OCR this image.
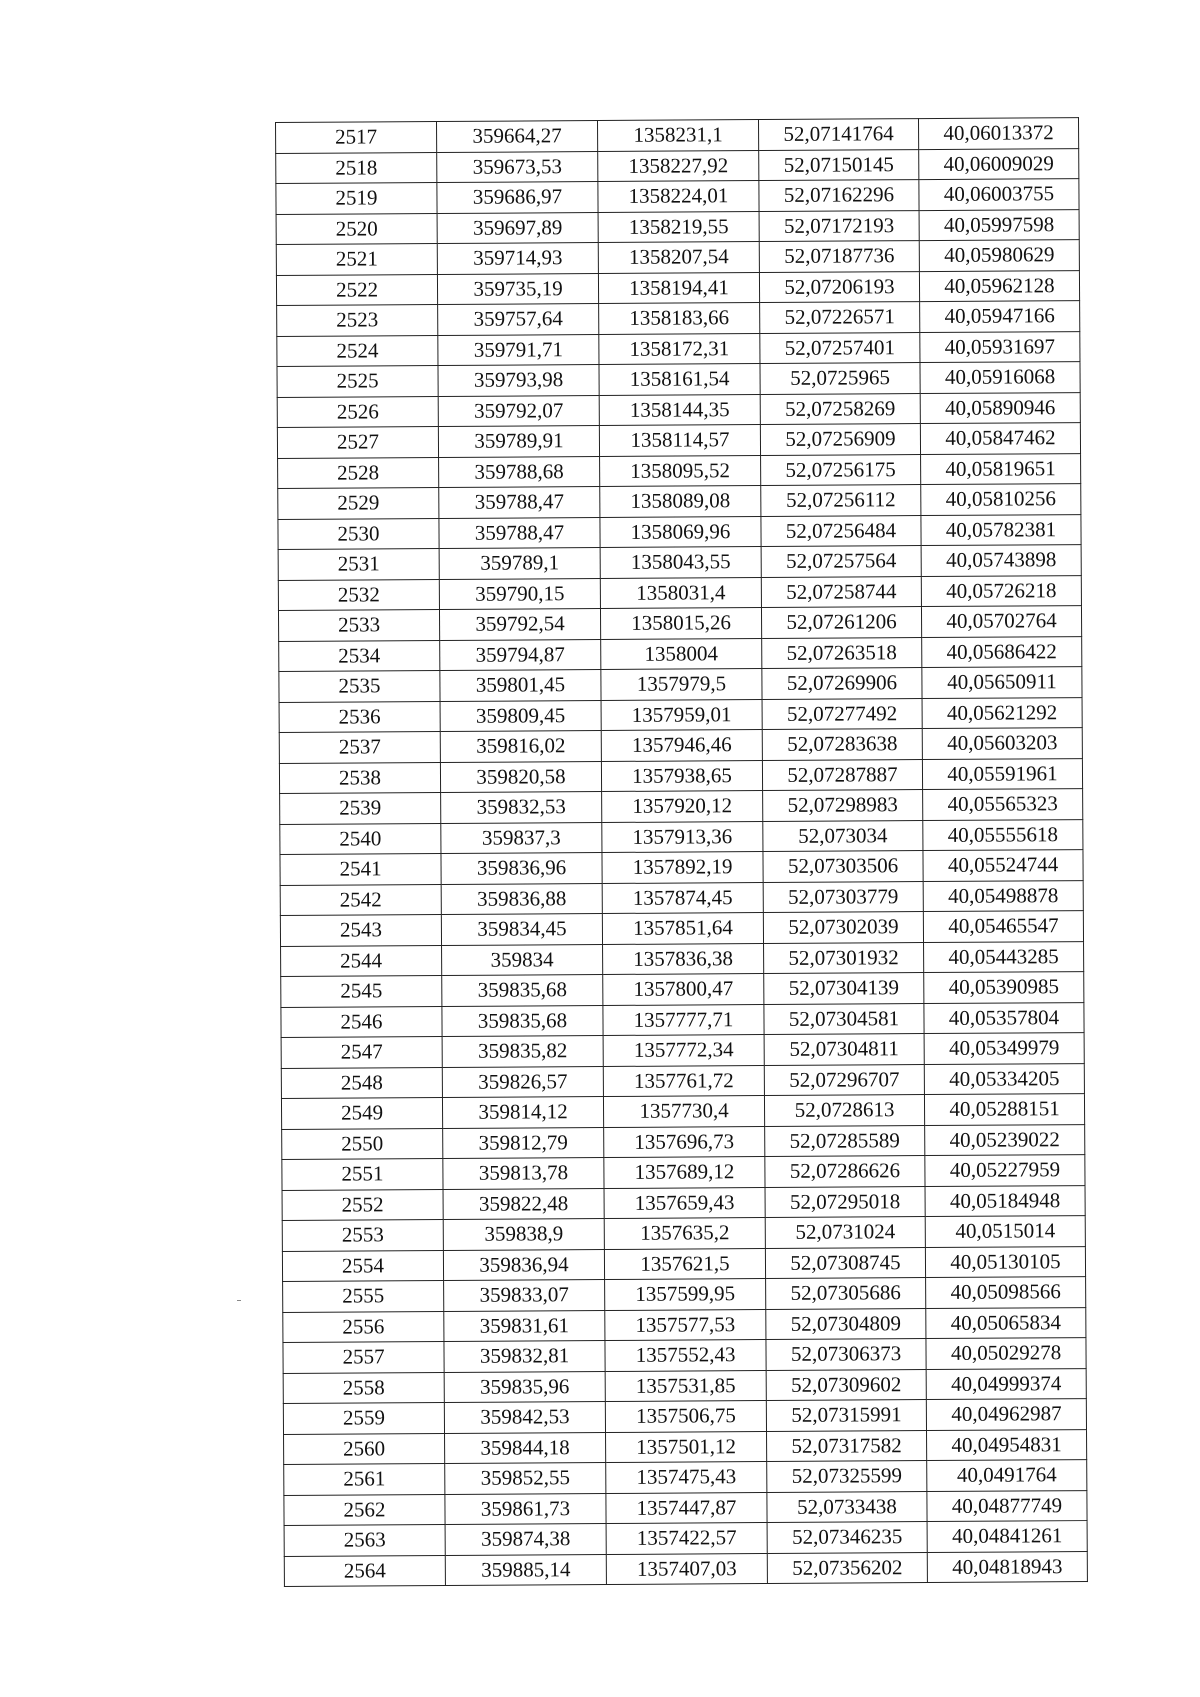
2517	359664,27	1358231,1	52,07141764	40,06013372
2518	359673,53	1358227,92	52,07150145	40,06009029
2519	359686,97	1358224,01	52,07162296	40,06003755
2520	359697,89	1358219,55	52,07172193	40,05997598
2521	359714,93	1358207,54	52,07187736	40,05980629
2522	359735,19	1358194,41	52,07206193	40,05962128
2523	359757,64	1358183,66	52,07226571	40,05947166
2524	359791,71	1358172,31	52,07257401	40,05931697
2525	359793,98	1358161,54	52,0725965	40,05916068
2526	359792,07	1358144,35	52,07258269	40,05890946
2527	359789,91	1358114,57	52,07256909	40,05847462
2528	359788,68	1358095,52	52,07256175	40,05819651
2529	359788,47	1358089,08	52,07256112	40,05810256
2530	359788,47	1358069,96	52,07256484	40,05782381
2531	359789,1	1358043,55	52,07257564	40,05743898
2532	359790,15	1358031,4	52,07258744	40,05726218
2533	359792,54	1358015,26	52,07261206	40,05702764
2534	359794,87	1358004	52,07263518	40,05686422
2535	359801,45	1357979,5	52,07269906	40,05650911
2536	359809,45	1357959,01	52,07277492	40,05621292
2537	359816,02	1357946,46	52,07283638	40,05603203
2538	359820,58	1357938,65	52,07287887	40,05591961
2539	359832,53	1357920,12	52,07298983	40,05565323
2540	359837,3	1357913,36	52,073034	40,05555618
2541	359836,96	1357892,19	52,07303506	40,05524744
2542	359836,88	1357874,45	52,07303779	40,05498878
2543	359834,45	1357851,64	52,07302039	40,05465547
2544	359834	1357836,38	52,07301932	40,05443285
2545	359835,68	1357800,47	52,07304139	40,05390985
2546	359835,68	1357777,71	52,07304581	40,05357804
2547	359835,82	1357772,34	52,07304811	40,05349979
2548	359826,57	1357761,72	52,07296707	40,05334205
2549	359814,12	1357730,4	52,0728613	40,05288151
2550	359812,79	1357696,73	52,07285589	40,05239022
2551	359813,78	1357689,12	52,07286626	40,05227959
2552	359822,48	1357659,43	52,07295018	40,05184948
2553	359838,9	1357635,2	52,0731024	40,0515014
2554	359836,94	1357621,5	52,07308745	40,05130105
2555	359833,07	1357599,95	52,07305686	40,05098566
2556	359831,61	1357577,53	52,07304809	40,05065834
2557	359832,81	1357552,43	52,07306373	40,05029278
2558	359835,96	1357531,85	52,07309602	40,04999374
2559	359842,53	1357506,75	52,07315991	40,04962987
2560	359844,18	1357501,12	52,07317582	40,04954831
2561	359852,55	1357475,43	52,07325599	40,0491764
2562	359861,73	1357447,87	52,0733438	40,04877749
2563	359874,38	1357422,57	52,07346235	40,04841261
2564	359885,14	1357407,03	52,07356202	40,04818943
